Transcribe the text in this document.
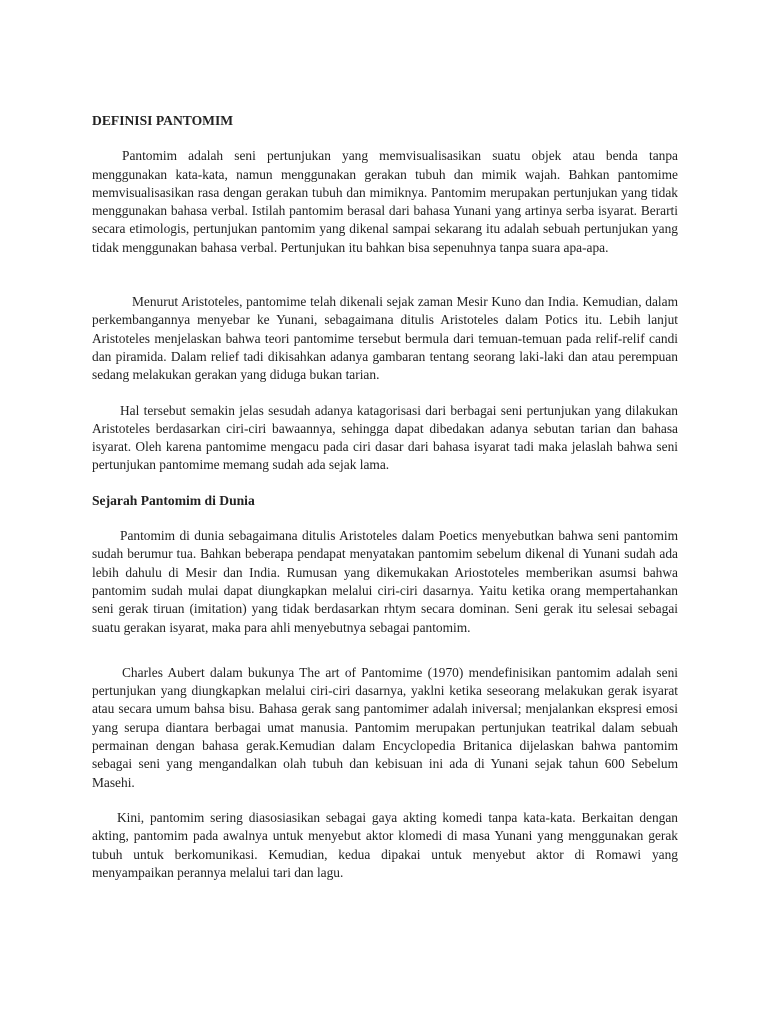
DEFINISI PANTOMIM

Pantomim adalah seni pertunjukan yang memvisualisasikan suatu objek atau benda tanpa menggunakan kata-kata, namun menggunakan gerakan tubuh dan mimik wajah. Bahkan pantomime memvisualisasikan rasa dengan gerakan tubuh dan mimiknya. Pantomim merupakan pertunjukan yang tidak menggunakan bahasa verbal. Istilah pantomim berasal dari bahasa Yunani yang artinya serba isyarat. Berarti secara etimologis, pertunjukan pantomim yang dikenal sampai sekarang itu adalah sebuah pertunjukan yang tidak menggunakan bahasa verbal. Pertunjukan itu bahkan bisa sepenuhnya tanpa suara apa-apa.

Menurut Aristoteles, pantomime telah dikenali sejak zaman Mesir Kuno dan India. Kemudian, dalam perkembangannya menyebar ke Yunani, sebagaimana ditulis Aristoteles dalam Potics itu. Lebih lanjut Aristoteles menjelaskan bahwa teori pantomime tersebut bermula dari temuan-temuan pada relif-relif candi dan piramida. Dalam relief tadi dikisahkan adanya gambaran tentang seorang laki-laki dan atau perempuan sedang melakukan gerakan yang diduga bukan tarian.

Hal tersebut semakin jelas sesudah adanya katagorisasi dari berbagai seni pertunjukan yang dilakukan Aristoteles berdasarkan ciri-ciri bawaannya, sehingga dapat dibedakan adanya sebutan tarian dan bahasa isyarat. Oleh karena pantomime mengacu pada ciri dasar dari bahasa isyarat tadi maka jelaslah bahwa seni pertunjukan pantomime memang sudah ada sejak lama.

Sejarah Pantomim di Dunia

Pantomim di dunia sebagaimana ditulis Aristoteles dalam Poetics menyebutkan bahwa seni pantomim sudah berumur tua. Bahkan beberapa pendapat menyatakan pantomim sebelum dikenal di Yunani sudah ada lebih dahulu di Mesir dan India. Rumusan yang dikemukakan Ariostoteles memberikan asumsi bahwa pantomim sudah mulai dapat diungkapkan melalui ciri-ciri dasarnya. Yaitu ketika orang mempertahankan seni gerak tiruan (imitation) yang tidak berdasarkan rhtym secara dominan. Seni gerak itu selesai sebagai suatu gerakan isyarat, maka para ahli menyebutnya sebagai pantomim.

Charles Aubert dalam bukunya The art of Pantomime (1970) mendefinisikan pantomim adalah seni pertunjukan yang diungkapkan melalui ciri-ciri dasarnya, yaklni ketika seseorang melakukan gerak isyarat atau secara umum bahsa bisu. Bahasa gerak sang pantomimer adalah iniversal; menjalankan ekspresi emosi yang serupa diantara berbagai umat manusia. Pantomim merupakan pertunjukan teatrikal dalam sebuah permainan dengan bahasa gerak.Kemudian dalam Encyclopedia Britanica dijelaskan bahwa pantomim sebagai seni yang mengandalkan olah tubuh dan kebisuan ini ada di Yunani sejak tahun 600 Sebelum Masehi.

Kini, pantomim sering diasosiasikan sebagai gaya akting komedi tanpa kata-kata. Berkaitan dengan akting, pantomim pada awalnya untuk menyebut aktor klomedi di masa Yunani yang menggunakan gerak tubuh untuk berkomunikasi. Kemudian, kedua dipakai untuk menyebut aktor di Romawi yang menyampaikan perannya melalui tari dan lagu.
